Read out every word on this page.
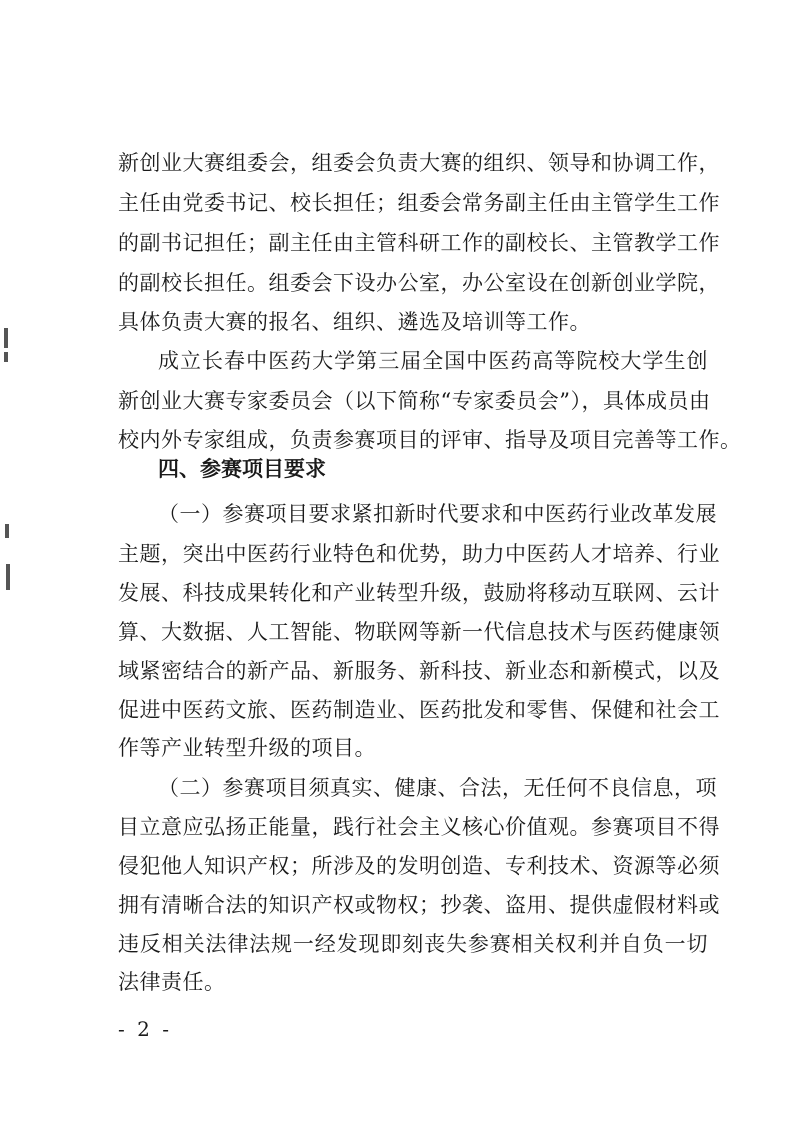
新创业大赛组委会，组委会负责大赛的组织、领导和协调工作，
主任由党委书记、校长担任；组委会常务副主任由主管学生工作
的副书记担任；副主任由主管科研工作的副校长、主管教学工作
的副校长担任。组委会下设办公室，办公室设在创新创业学院，
具体负责大赛的报名、组织、遴选及培训等工作。
成立长春中医药大学第三届全国中医药高等院校大学生创
新创业大赛专家委员会（以下简称“专家委员会”），具体成员由
校内外专家组成，负责参赛项目的评审、指导及项目完善等工作。
四、参赛项目要求
（一）参赛项目要求紧扣新时代要求和中医药行业改革发展
主题，突出中医药行业特色和优势，助力中医药人才培养、行业
发展、科技成果转化和产业转型升级，鼓励将移动互联网、云计
算、大数据、人工智能、物联网等新一代信息技术与医药健康领
域紧密结合的新产品、新服务、新科技、新业态和新模式，以及
促进中医药文旅、医药制造业、医药批发和零售、保健和社会工
作等产业转型升级的项目。
（二）参赛项目须真实、健康、合法，无任何不良信息，项
目立意应弘扬正能量，践行社会主义核心价值观。参赛项目不得
侵犯他人知识产权；所涉及的发明创造、专利技术、资源等必须
拥有清晰合法的知识产权或物权；抄袭、盗用、提供虚假材料或
违反相关法律法规一经发现即刻丧失参赛相关权利并自负一切
法律责任。
- 2 -
